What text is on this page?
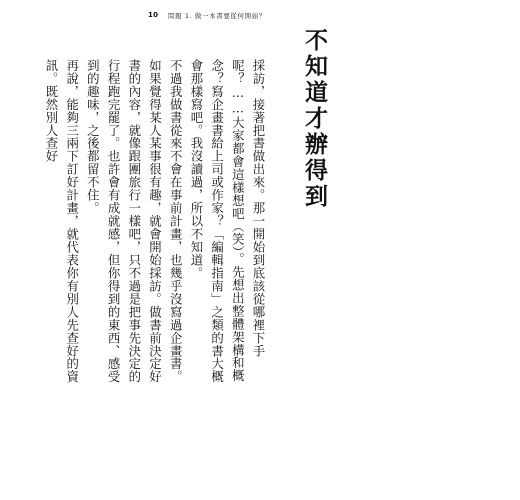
10 問題 1. 做一本書要從何開始？
不知道才辦得到

採訪，接著把書做出來。那一開始到底該從哪裡下手呢？……大家都會這樣想吧（笑）。先想出整體架構和概念？寫企畫書給上司或作家？「編輯指南」之類的書大概會那樣寫吧。我沒讀過，所以不知道。

不過我做書從來不會在事前計畫，也幾乎沒寫過企畫書。如果覺得某人某事很有趣，就會開始採訪。做書前決定好書的內容，就像跟團旅行一樣吧，只不過是把事先決定的行程跑完罷了。也許會有成就感，但你得到的東西、感受到的趣味，之後都留不住。

再說，能夠三兩下訂好計畫，就代表你有別人先查好的資訊。既然別人查好
